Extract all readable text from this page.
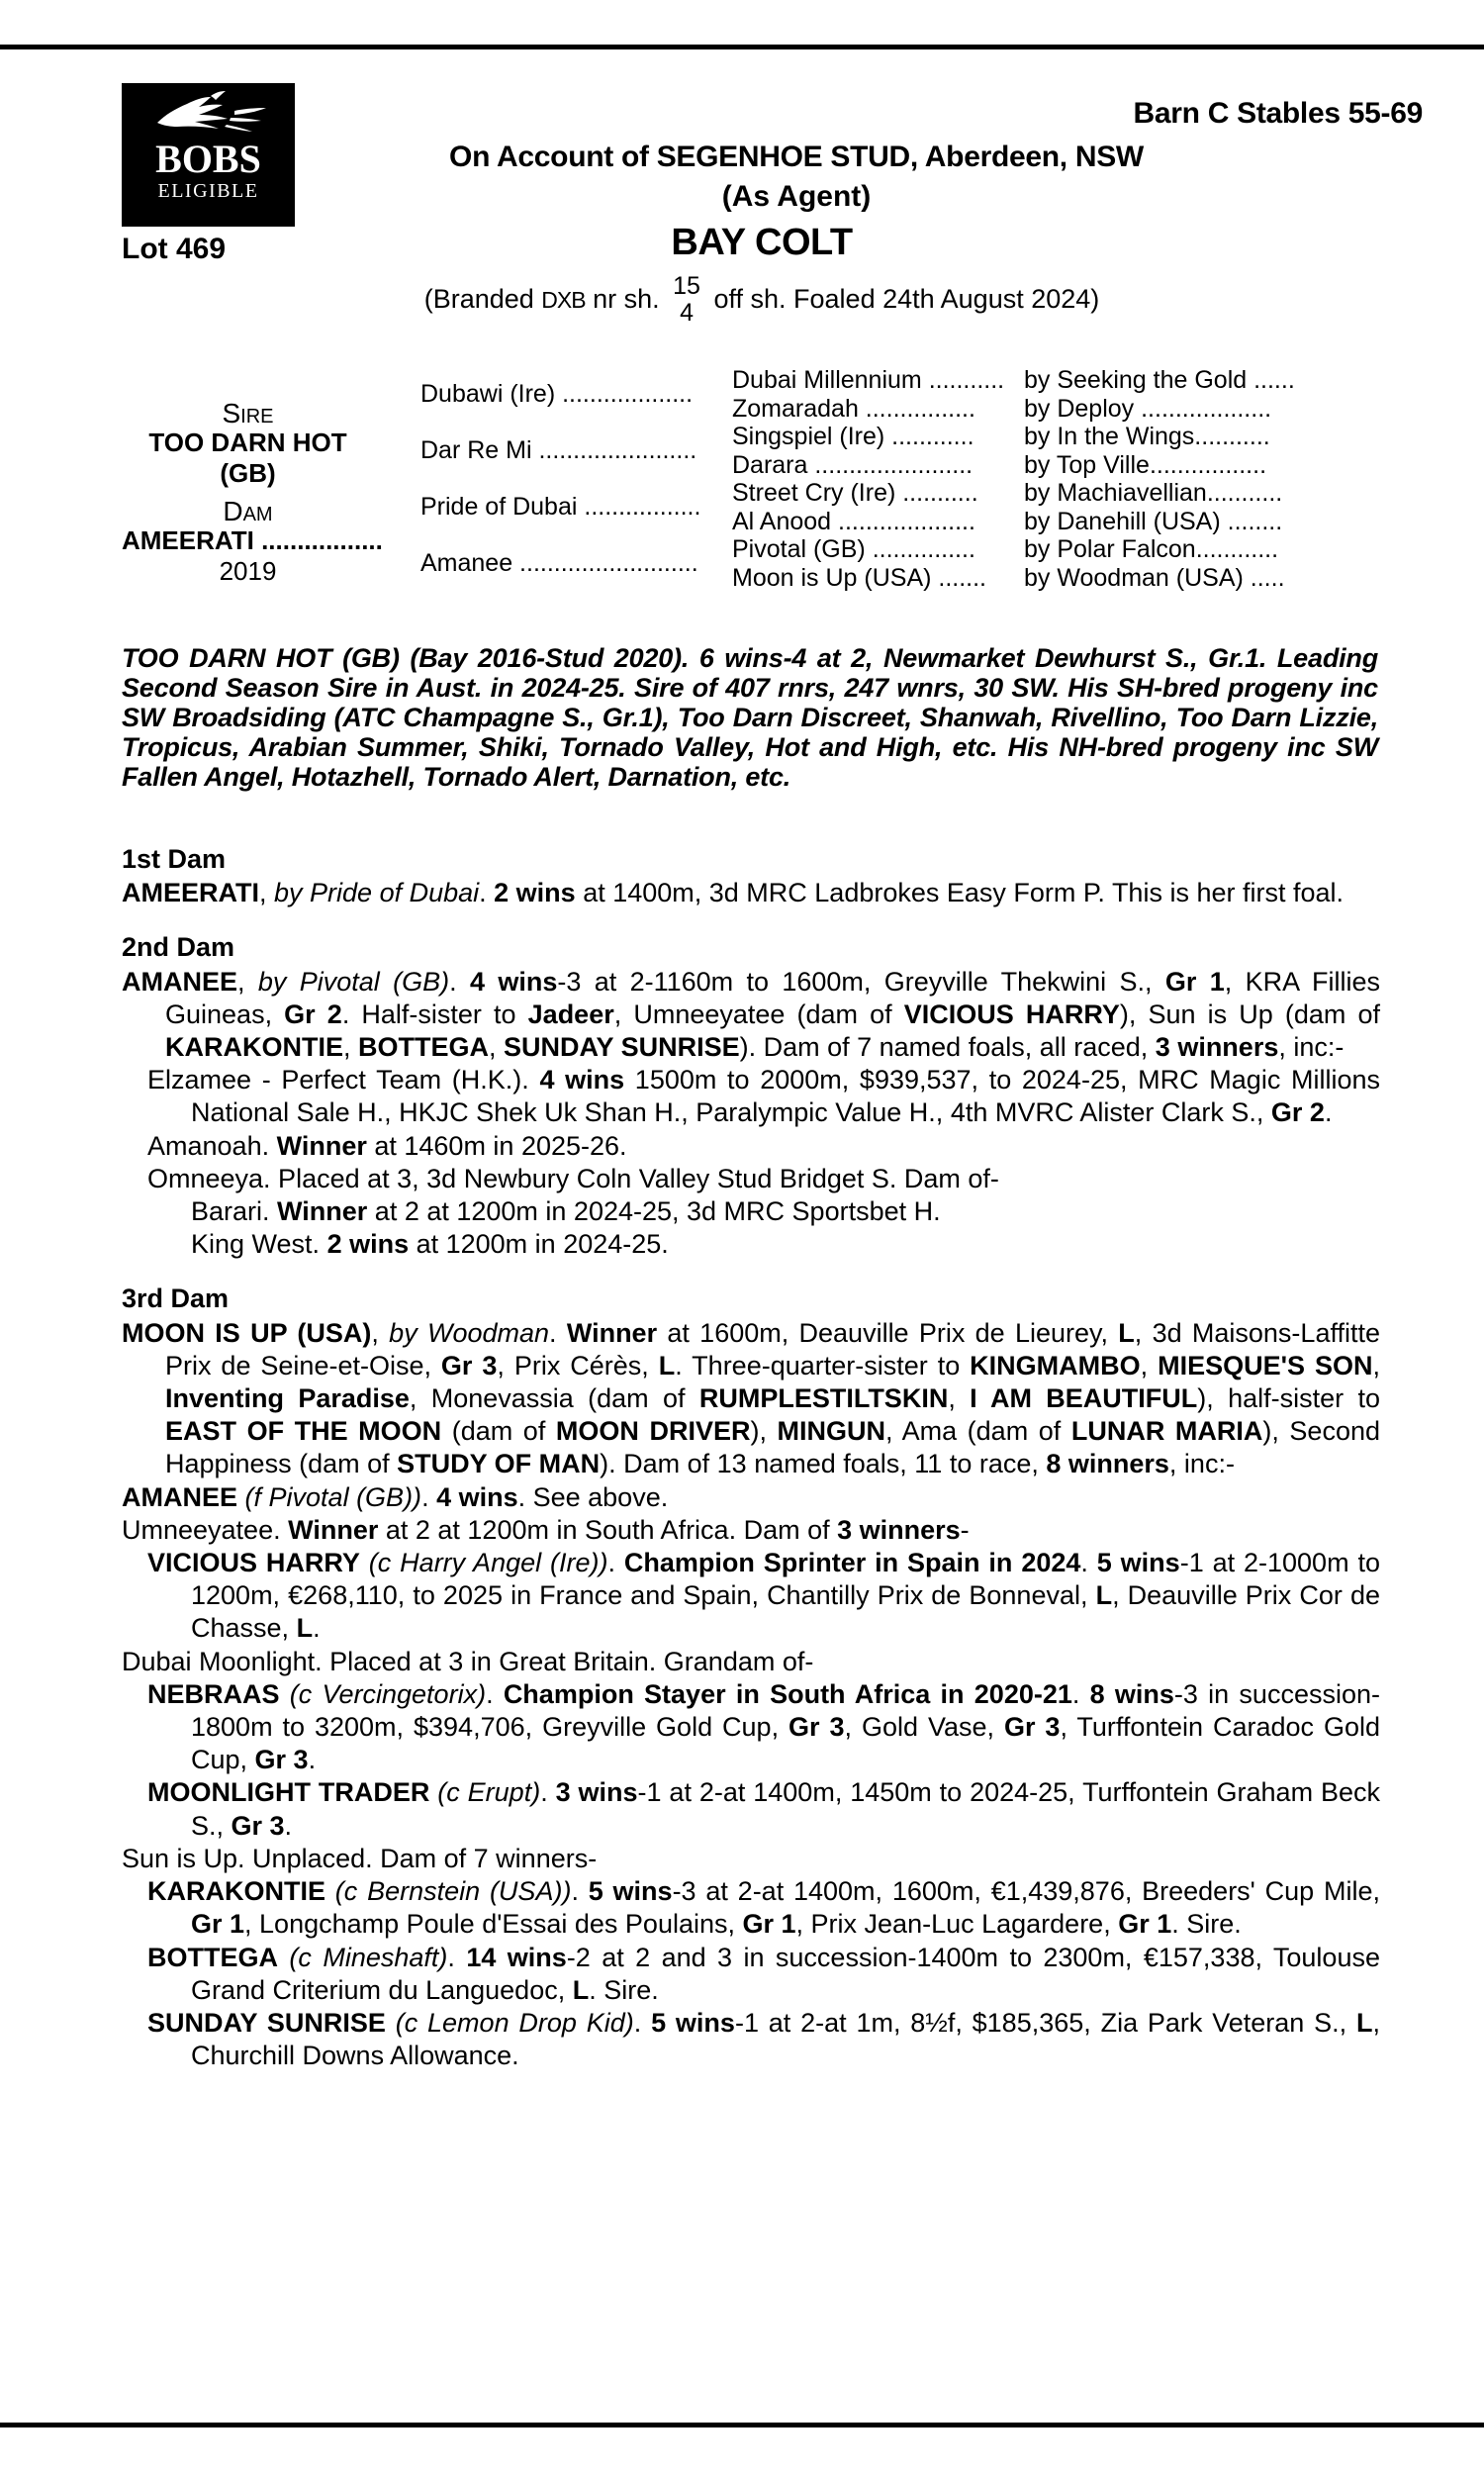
BOBS
ELIGIBLE
Barn C Stables 55-69
On Account of SEGENHOE STUD, Aberdeen, NSW
(As Agent)
Lot 469	BAY COLT
(Branded DXB nr sh. 15
4 off sh. Foaled 24th August 2024)
Sire
TOO DARN HOT (GB)
Dam
AMEERATI .................
2019
Dubawi (Ire) ...................
Dar Re Mi .......................
Pride of Dubai .................
Amanee ..........................
Dubai Millennium ...........
Zomaradah ................
Singspiel (Ire) ............
Darara .......................
Street Cry (Ire) ...........
Al Anood ....................
Pivotal (GB) ...............
Moon is Up (USA) .......
by Seeking the Gold ......
by Deploy ...................
by In the Wings...........
by Top Ville.................
by Machiavellian...........
by Danehill (USA) ........
by Polar Falcon............
by Woodman (USA) .....
TOO DARN HOT (GB) (Bay 2016-Stud 2020). 6 wins-4 at 2, Newmarket Dewhurst S., Gr.1. Leading Second Season Sire in Aust. in 2024-25. Sire of 407 rnrs, 247 wnrs, 30 SW. His SH-bred progeny inc SW Broadsiding (ATC Champagne S., Gr.1), Too Darn Discreet, Shanwah, Rivellino, Too Darn Lizzie, Tropicus, Arabian Summer, Shiki, Tornado Valley, Hot and High, etc. His NH-bred progeny inc SW Fallen Angel, Hotazhell, Tornado Alert, Darnation, etc.
1st Dam
AMEERATI, by Pride of Dubai. 2 wins at 1400m, 3d MRC Ladbrokes Easy Form P. This is her first foal.
2nd Dam
AMANEE, by Pivotal (GB). 4 wins-3 at 2-1160m to 1600m, Greyville Thekwini S., Gr 1, KRA Fillies Guineas, Gr 2. Half-sister to Jadeer, Umneeyatee (dam of VICIOUS HARRY), Sun is Up (dam of KARAKONTIE, BOTTEGA, SUNDAY SUNRISE). Dam of 7 named foals, all raced, 3 winners, inc:-
Elzamee - Perfect Team (H.K.). 4 wins 1500m to 2000m, $939,537, to 2024-25, MRC Magic Millions National Sale H., HKJC Shek Uk Shan H., Paralympic Value H., 4th MVRC Alister Clark S., Gr 2.
Amanoah. Winner at 1460m in 2025-26.
Omneeya. Placed at 3, 3d Newbury Coln Valley Stud Bridget S. Dam of-
Barari. Winner at 2 at 1200m in 2024-25, 3d MRC Sportsbet H.
King West. 2 wins at 1200m in 2024-25.
3rd Dam
MOON IS UP (USA), by Woodman. Winner at 1600m, Deauville Prix de Lieurey, L, 3d Maisons-Laffitte Prix de Seine-et-Oise, Gr 3, Prix Cérès, L. Three-quarter-sister to KINGMAMBO, MIESQUE'S SON, Inventing Paradise, Monevassia (dam of RUMPLESTILTSKIN, I AM BEAUTIFUL), half-sister to EAST OF THE MOON (dam of MOON DRIVER), MINGUN, Ama (dam of LUNAR MARIA), Second Happiness (dam of STUDY OF MAN). Dam of 13 named foals, 11 to race, 8 winners, inc:-
AMANEE (f Pivotal (GB)). 4 wins. See above.
Umneeyatee. Winner at 2 at 1200m in South Africa. Dam of 3 winners-
VICIOUS HARRY (c Harry Angel (Ire)). Champion Sprinter in Spain in 2024. 5 wins-1 at 2-1000m to 1200m, €268,110, to 2025 in France and Spain, Chantilly Prix de Bonneval, L, Deauville Prix Cor de Chasse, L.
Dubai Moonlight. Placed at 3 in Great Britain. Grandam of-
NEBRAAS (c Vercingetorix). Champion Stayer in South Africa in 2020-21. 8 wins-3 in succession-1800m to 3200m, $394,706, Greyville Gold Cup, Gr 3, Gold Vase, Gr 3, Turffontein Caradoc Gold Cup, Gr 3.
MOONLIGHT TRADER (c Erupt). 3 wins-1 at 2-at 1400m, 1450m to 2024-25, Turffontein Graham Beck S., Gr 3.
Sun is Up. Unplaced. Dam of 7 winners-
KARAKONTIE (c Bernstein (USA)). 5 wins-3 at 2-at 1400m, 1600m, €1,439,876, Breeders' Cup Mile, Gr 1, Longchamp Poule d'Essai des Poulains, Gr 1, Prix Jean-Luc Lagardere, Gr 1. Sire.
BOTTEGA (c Mineshaft). 14 wins-2 at 2 and 3 in succession-1400m to 2300m, €157,338, Toulouse Grand Criterium du Languedoc, L. Sire.
SUNDAY SUNRISE (c Lemon Drop Kid). 5 wins-1 at 2-at 1m, 8½f, $185,365, Zia Park Veteran S., L, Churchill Downs Allowance.
